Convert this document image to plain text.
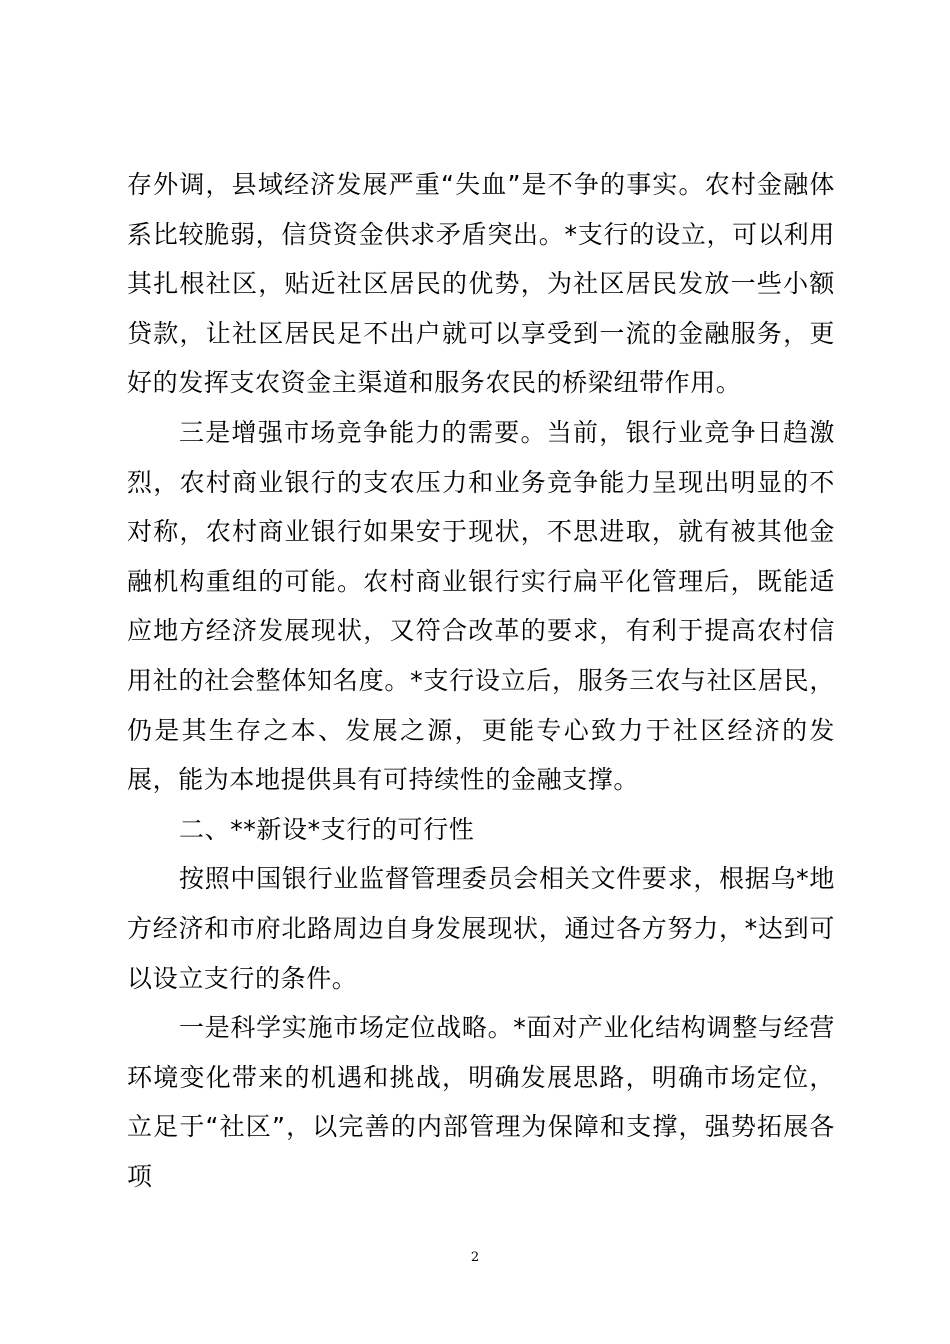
存外调，县域经济发展严重“失血”是不争的事实。农村金融体系比较脆弱，信贷资金供求矛盾突出。*支行的设立，可以利用其扎根社区，贴近社区居民的优势，为社区居民发放一些小额贷款，让社区居民足不出户就可以享受到一流的金融服务，更好的发挥支农资金主渠道和服务农民的桥梁纽带作用。

三是增强市场竞争能力的需要。当前，银行业竞争日趋激烈，农村商业银行的支农压力和业务竞争能力呈现出明显的不对称，农村商业银行如果安于现状，不思进取，就有被其他金融机构重组的可能。农村商业银行实行扁平化管理后，既能适应地方经济发展现状，又符合改革的要求，有利于提高农村信用社的社会整体知名度。*支行设立后，服务三农与社区居民，仍是其生存之本、发展之源，更能专心致力于社区经济的发展，能为本地提供具有可持续性的金融支撑。

二、**新设*支行的可行性

按照中国银行业监督管理委员会相关文件要求，根据乌*地方经济和市府北路周边自身发展现状，通过各方努力，*达到可以设立支行的条件。

一是科学实施市场定位战略。*面对产业化结构调整与经营环境变化带来的机遇和挑战，明确发展思路，明确市场定位，立足于“社区”，以完善的内部管理为保障和支撑，强势拓展各项

2
